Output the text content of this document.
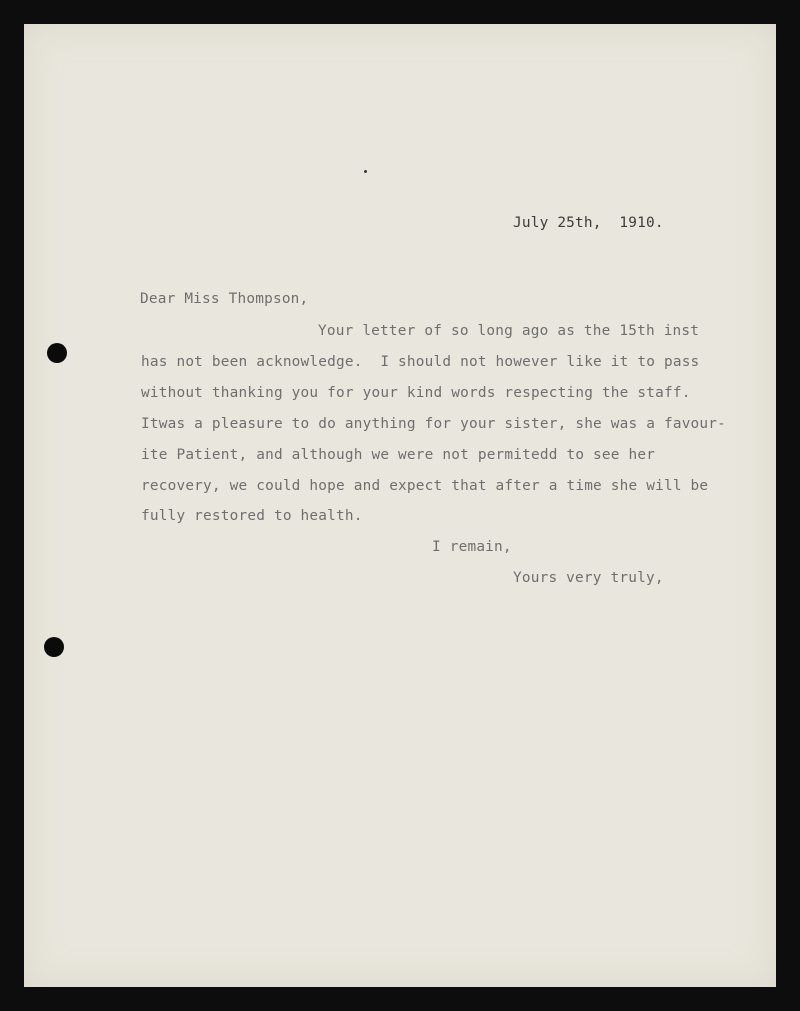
July 25th,  1910.
Dear Miss Thompson,
Your letter of so long ago as the 15th inst
has not been acknowledge.  I should not however like it to pass
without thanking you for your kind words respecting the staff.
Itwas a pleasure to do anything for your sister, she was a favour-
ite Patient, and although we were not permitedd to see her
recovery, we could hope and expect that after a time she will be
fully restored to health.
I remain,
Yours very truly,
